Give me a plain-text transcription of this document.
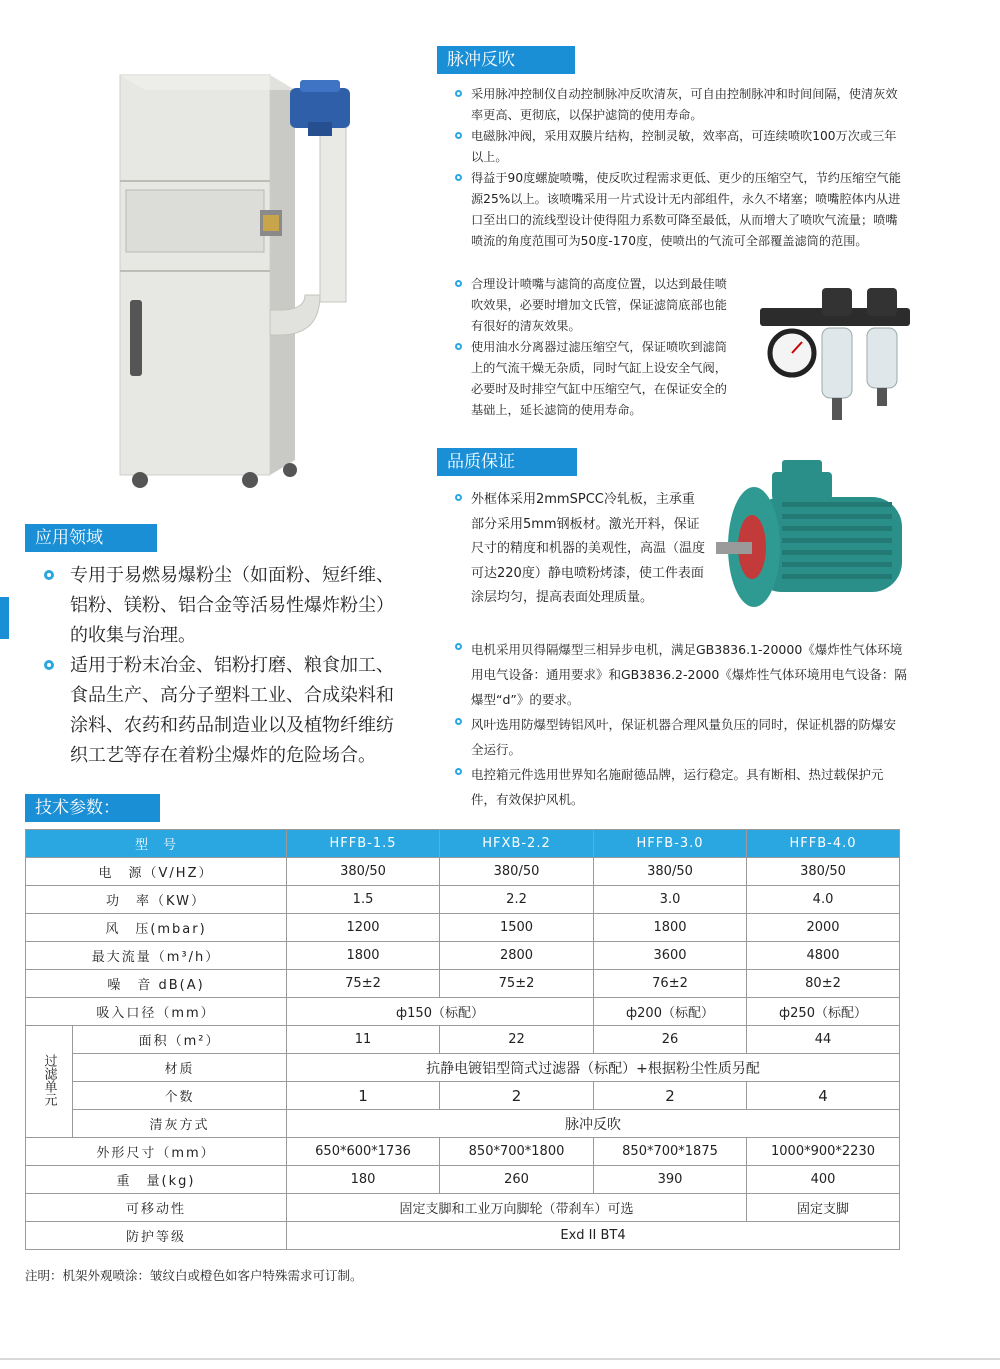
脉冲反吹
采用脉冲控制仪自动控制脉冲反吹清灰，可自由控制脉冲和时间间隔，使清灰效率更高、更彻底，以保护滤筒的使用寿命。
电磁脉冲阀，采用双膜片结构，控制灵敏，效率高，可连续喷吹100万次或三年以上。
得益于90度螺旋喷嘴，使反吹过程需求更低、更少的压缩空气，节约压缩空气能源25%以上。该喷嘴采用一片式设计无内部组件，永久不堵塞；喷嘴腔体内从进口至出口的流线型设计使得阻力系数可降至最低，从而增大了喷吹气流量；喷嘴喷流的角度范围可为50度-170度，使喷出的气流可全部覆盖滤筒的范围。
合理设计喷嘴与滤筒的高度位置，以达到最佳喷吹效果，必要时增加文氏管，保证滤筒底部也能有很好的清灰效果。
使用油水分离器过滤压缩空气，保证喷吹到滤筒上的气流干燥无杂质，同时气缸上设安全气阀，必要时及时排空气缸中压缩空气，在保证安全的基础上，延长滤筒的使用寿命。
品质保证
外框体采用2mmSPCC冷轧板，主承重部分采用5mm钢板材。激光开料，保证尺寸的精度和机器的美观性，高温（温度可达220度）静电喷粉烤漆，使工件表面涂层均匀，提高表面处理质量。
电机采用贝得隔爆型三相异步电机，满足GB3836.1-20000《爆炸性气体环境用电气设备：通用要求》和GB3836.2-2000《爆炸性气体环境用电气设备：隔爆型“d”》的要求。
风叶选用防爆型铸铝风叶，保证机器合理风量负压的同时，保证机器的防爆安全运行。
电控箱元件选用世界知名施耐德品牌，运行稳定。具有断相、热过载保护元件，有效保护风机。
应用领域
专用于易燃易爆粉尘（如面粉、短纤维、铝粉、镁粉、铝合金等活易性爆炸粉尘）的收集与治理。
适用于粉末冶金、铝粉打磨、粮食加工、食品生产、高分子塑料工业、合成染料和涂料、农药和药品制造业以及植物纤维纺织工艺等存在着粉尘爆炸的危险场合。
技术参数：
型　号		HFFB-1.5	HFXB-2.2	HFFB-3.0	HFFB-4.0
电　源（V/HZ）		380/50	380/50	380/50	380/50
功　率（KW）		1.5	2.2	3.0	4.0
风　压(mbar)		1200	1500	1800	2000
最大流量（m³/h）		1800	2800	3600	4800
噪　音 dB(A)		75±2	75±2	76±2	80±2
吸入口径（mm）		ф150（标配）		ф200（标配）	ф250（标配）
过滤单元	面积（m²）	11	22	26	44
	材质	抗静电镀铝型筒式过滤器（标配）+根据粉尘性质另配			
	个数	1	2	2	4
	清灰方式	脉冲反吹			
外形尺寸（mm）		650*600*1736	850*700*1800	850*700*1875	1000*900*2230
重　量(kg)		180	260	390	400
可移动性		固定支脚和工业万向脚轮（带刹车）可选			固定支脚
防护等级		Exd II BT4			
注明：机架外观喷涂：皱纹白或橙色如客户特殊需求可订制。
